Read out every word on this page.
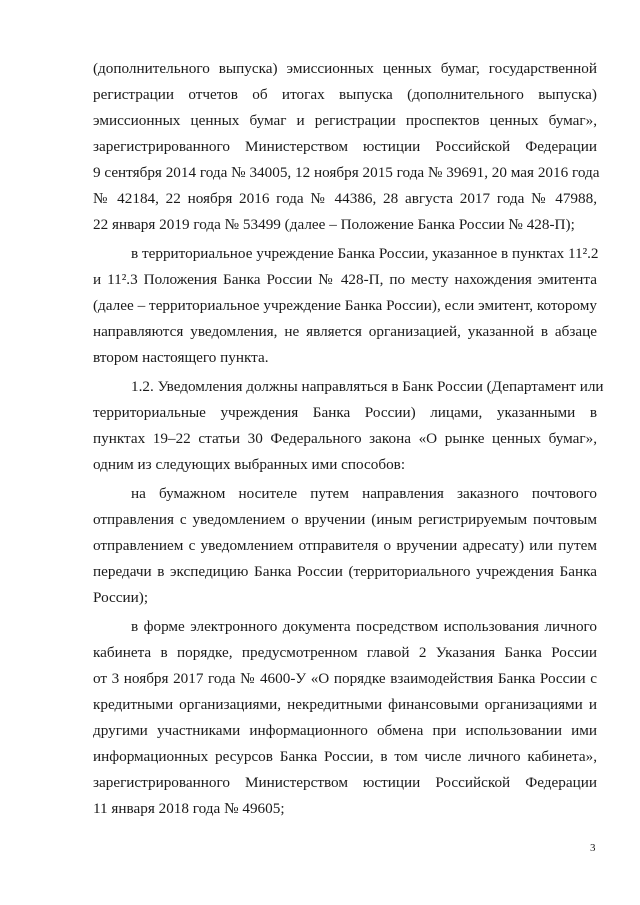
(дополнительного выпуска) эмиссионных ценных бумаг, государственной
регистрации отчетов об итогах выпуска (дополнительного выпуска)
эмиссионных ценных бумаг и регистрации проспектов ценных бумаг»,
зарегистрированного Министерством юстиции Российской Федерации
9 сентября 2014 года № 34005, 12 ноября 2015 года № 39691, 20 мая 2016 года
№ 42184, 22 ноября 2016 года № 44386, 28 августа 2017 года № 47988,
22 января 2019 года № 53499 (далее – Положение Банка России № 428-П);
в территориальное учреждение Банка России, указанное в пунктах 11².2
и 11².3 Положения Банка России № 428-П, по месту нахождения эмитента
(далее – территориальное учреждение Банка России), если эмитент, которому
направляются уведомления, не является организацией, указанной в абзаце
втором настоящего пункта.
1.2. Уведомления должны направляться в Банк России (Департамент или
территориальные учреждения Банка России) лицами, указанными в
пунктах 19–22 статьи 30 Федерального закона «О рынке ценных бумаг»,
одним из следующих выбранных ими способов:
на бумажном носителе путем направления заказного почтового
отправления с уведомлением о вручении (иным регистрируемым почтовым
отправлением с уведомлением отправителя о вручении адресату) или путем
передачи в экспедицию Банка России (территориального учреждения Банка
России);
в форме электронного документа посредством использования личного
кабинета в порядке, предусмотренном главой 2 Указания Банка России
от 3 ноября 2017 года № 4600-У «О порядке взаимодействия Банка России с
кредитными организациями, некредитными финансовыми организациями и
другими участниками информационного обмена при использовании ими
информационных ресурсов Банка России, в том числе личного кабинета»,
зарегистрированного Министерством юстиции Российской Федерации
11 января 2018 года № 49605;
3
